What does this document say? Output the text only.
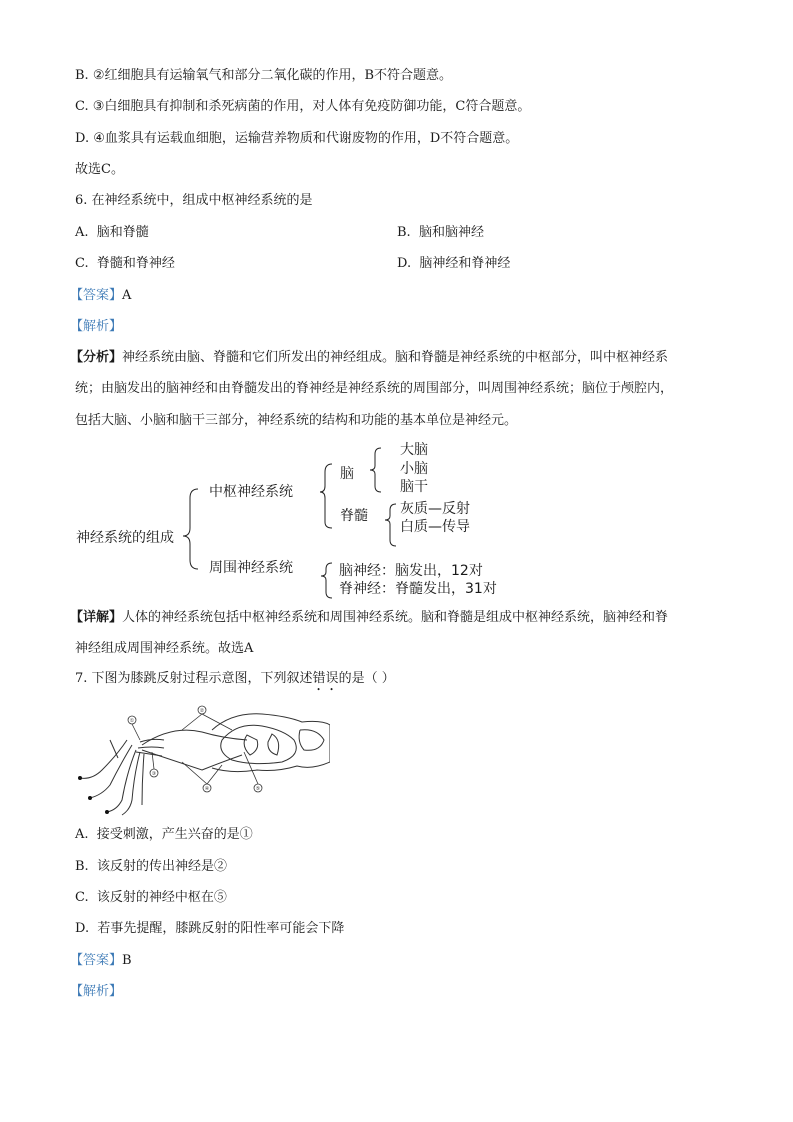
B. ②红细胞具有运输氧气和部分二氧化碳的作用，B不符合题意。
C. ③白细胞具有抑制和杀死病菌的作用，对人体有免疫防御功能，C符合题意。
D. ④血浆具有运载血细胞，运输营养物质和代谢废物的作用，D不符合题意。
故选C。
6. 在神经系统中，组成中枢神经系统的是
A. 脑和脊髓	B. 脑和脑神经
C. 脊髓和脊神经	D. 脑神经和脊神经
【答案】A
【解析】
【分析】神经系统由脑、脊髓和它们所发出的神经组成。脑和脊髓是神经系统的中枢部分，叫中枢神经系
统；由脑发出的脑神经和由脊髓发出的脊神经是神经系统的周围部分，叫周围神经系统；脑位于颅腔内，
包括大脑、小脑和脑干三部分，神经系统的结构和功能的基本单位是神经元。
神经系统的组成
中枢神经系统
脑
大脑
小脑
脑干
脊髓 灰质—反射
白质—传导
周围神经系统	脑神经：脑发出，12对
脊神经：脊髓发出，31对
【详解】人体的神经系统包括中枢神经系统和周围神经系统。脑和脊髓是组成中枢神经系统，脑神经和脊
神经组成周围神经系统。故选A
7. 下图为膝跳反射过程示意图，下列叙述错误的是（ ）
①
②
③
④	⑤
A. 接受刺激，产生兴奋的是①
B. 该反射的传出神经是②
C. 该反射的神经中枢在⑤
D. 若事先提醒，膝跳反射的阳性率可能会下降
【答案】B
【解析】
